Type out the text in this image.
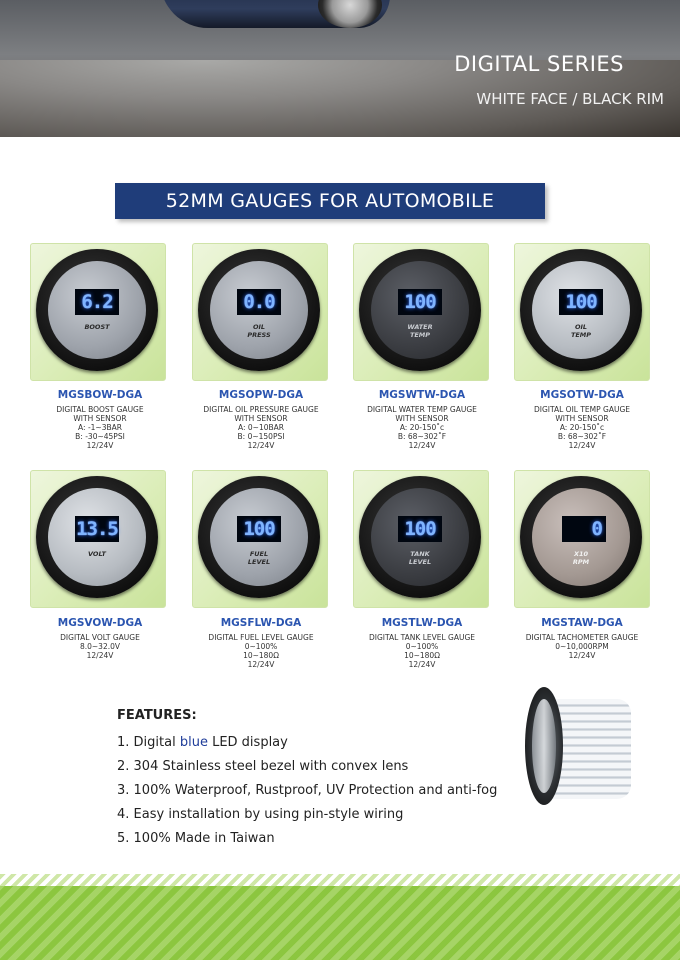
DIGITAL SERIES
WHITE FACE / BLACK RIM
52MM GAUGES FOR AUTOMOBILE
6.2
BOOST
0.0
OIL
PRESS
100
WATER
TEMP
100
OIL
TEMP
MGSBOW-DGA
DIGITAL BOOST GAUGE
WITH SENSOR
A: -1~3BAR
B: -30~45PSI
12/24V
MGSOPW-DGA
DIGITAL OIL PRESSURE GAUGE
WITH SENSOR
A: 0~10BAR
B: 0~150PSI
12/24V
MGSWTW-DGA
DIGITAL WATER TEMP GAUGE
WITH SENSOR
A: 20-150˚c
B: 68~302˚F
12/24V
MGSOTW-DGA
DIGITAL OIL TEMP GAUGE
WITH SENSOR
A: 20-150˚c
B: 68~302˚F
12/24V
13.5
VOLT
100
FUEL
LEVEL
100
TANK
LEVEL
0
X10
RPM
MGSVOW-DGA
DIGITAL VOLT GAUGE
8.0~32.0V
12/24V
MGSFLW-DGA
DIGITAL FUEL LEVEL GAUGE
0~100%
10~180Ω
12/24V
MGSTLW-DGA
DIGITAL TANK LEVEL GAUGE
0~100%
10~180Ω
12/24V
MGSTAW-DGA
DIGITAL TACHOMETER GAUGE
0~10,000RPM
12/24V
FEATURES:
1. Digital blue LED display
2. 304 Stainless steel bezel with convex lens
3. 100% Waterproof, Rustproof, UV Protection and anti-fog
4. Easy installation by using pin-style wiring
5. 100% Made in Taiwan
